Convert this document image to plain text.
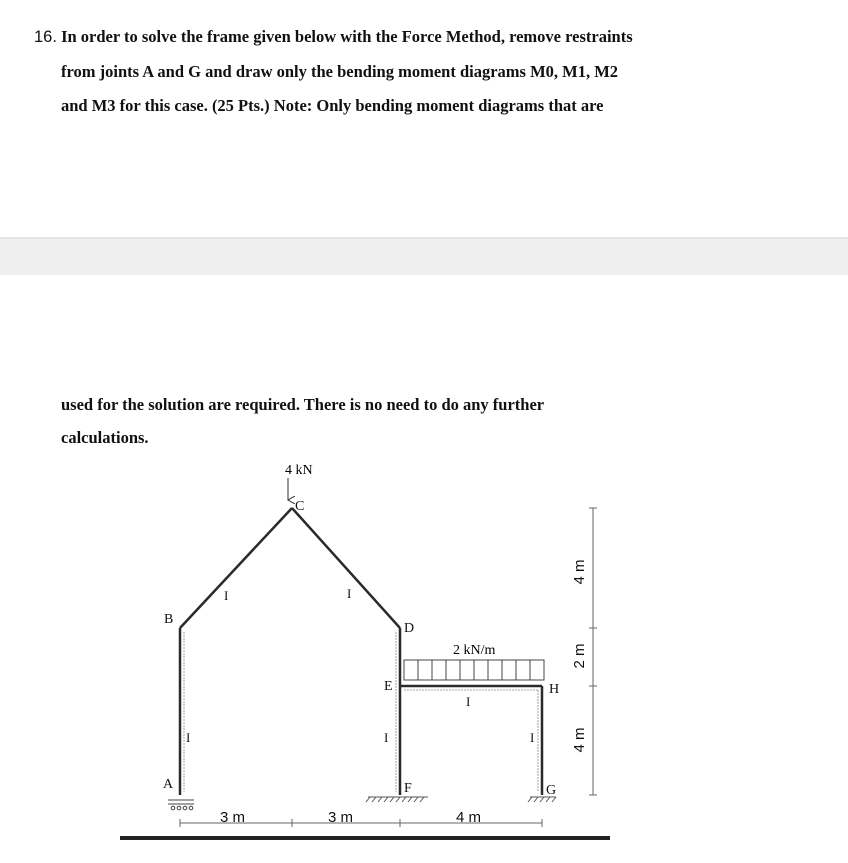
16. In order to solve the frame given below with the Force Method, remove restraints
from joints A and G and draw only the bending moment diagrams M0, M1, M2
and M3 for this case. (25 Pts.) Note: Only bending moment diagrams that are
used for the solution are required. There is no need to do any further
calculations.
4 kN
2 kN/m
A
B
C
D
E
F	G
H
I	I
I	I
I
I
3 m	3 m	4 m
4 m
2 m
4 m
